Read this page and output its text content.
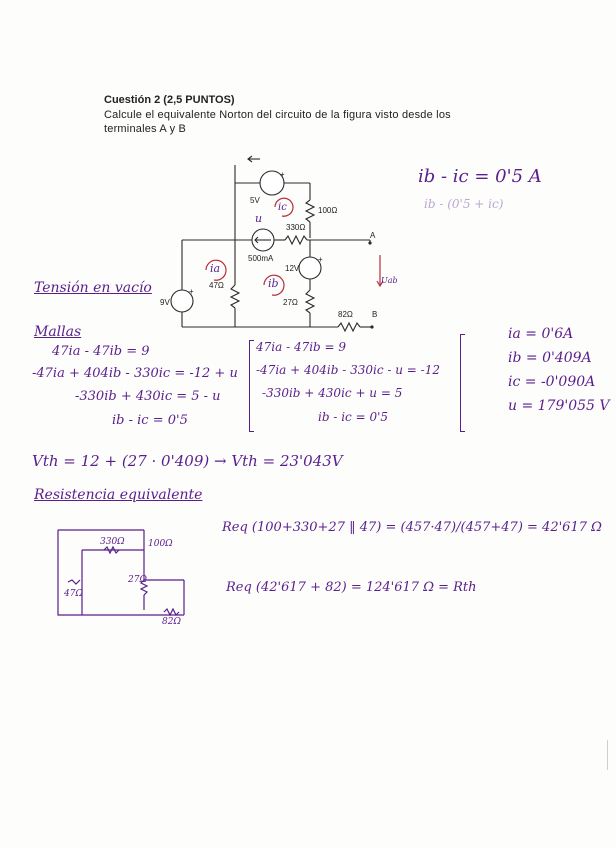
Cuestión 2 (2,5 PUNTOS)
Calcule el equivalente Norton del circuito de la figura visto desde los terminales A y B
+
5V
100Ω
330Ω
500mA
12V
+
47Ω
27Ω
9V
+
82Ω
A
B
ia
ib
ic
u
Uab
ib - ic = 0'5 A
ib - (0'5 + ic)
Tensión en vacío
Mallas
47ia - 47ib = 9
-47ia + 404ib - 330ic = -12 + u
-330ib + 430ic = 5 - u
ib - ic = 0'5
47ia - 47ib = 9
-47ia + 404ib - 330ic - u = -12
-330ib + 430ic + u = 5
ib - ic = 0'5
ia = 0'6A
ib = 0'409A
ic = -0'090A
u = 179'055 V
Vth = 12 + (27 · 0'409) → Vth = 23'043V
Resistencia equivalente
330Ω	100Ω
27Ω
47Ω
82Ω
Req (100+330+27 ‖ 47) = (457·47)/(457+47) = 42'617 Ω
Req (42'617 + 82) = 124'617 Ω = Rth
